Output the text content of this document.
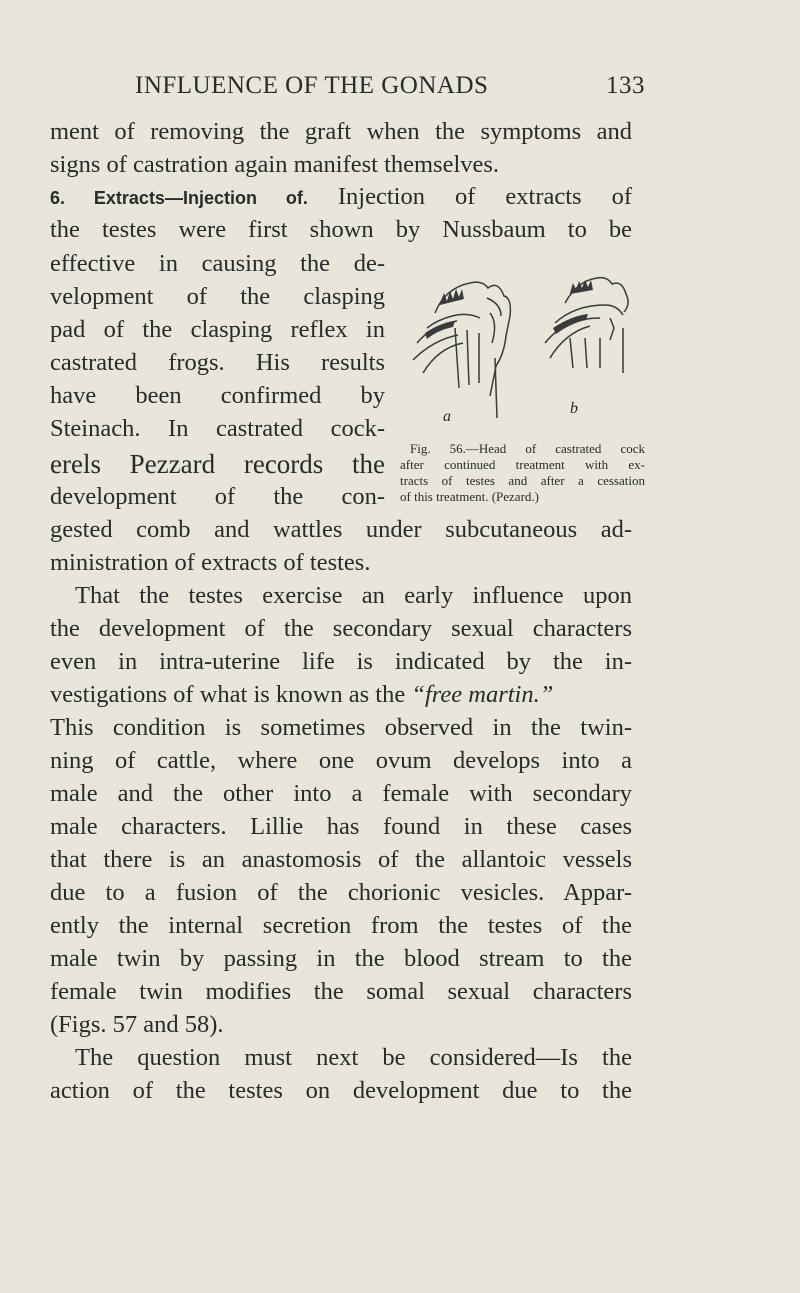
INFLUENCE OF THE GONADS	133
ment of removing the graft when the symptoms and
signs of castration again manifest themselves.
6. Extracts—Injection of. Injection of extracts of
the testes were first shown by Nussbaum to be
effective in causing the de-
velopment of the clasping
pad of the clasping reflex in
castrated frogs. His results
have been confirmed by
Steinach. In castrated cock-
erels Pezzard records the
development of the con-
a	b
Fig. 56.—Head of castrated cock
after continued treatment with ex-
tracts of testes and after a cessation
of this treatment. (Pezard.)
gested comb and wattles under subcutaneous ad-
ministration of extracts of testes.
That the testes exercise an early influence upon
the development of the secondary sexual characters
even in intra-uterine life is indicated by the in-
vestigations of what is known as the “free martin.”
This condition is sometimes observed in the twin-
ning of cattle, where one ovum develops into a
male and the other into a female with secondary
male characters. Lillie has found in these cases
that there is an anastomosis of the allantoic vessels
due to a fusion of the chorionic vesicles. Appar-
ently the internal secretion from the testes of the
male twin by passing in the blood stream to the
female twin modifies the somal sexual characters
(Figs. 57 and 58).
The question must next be considered—Is the
action of the testes on development due to the
